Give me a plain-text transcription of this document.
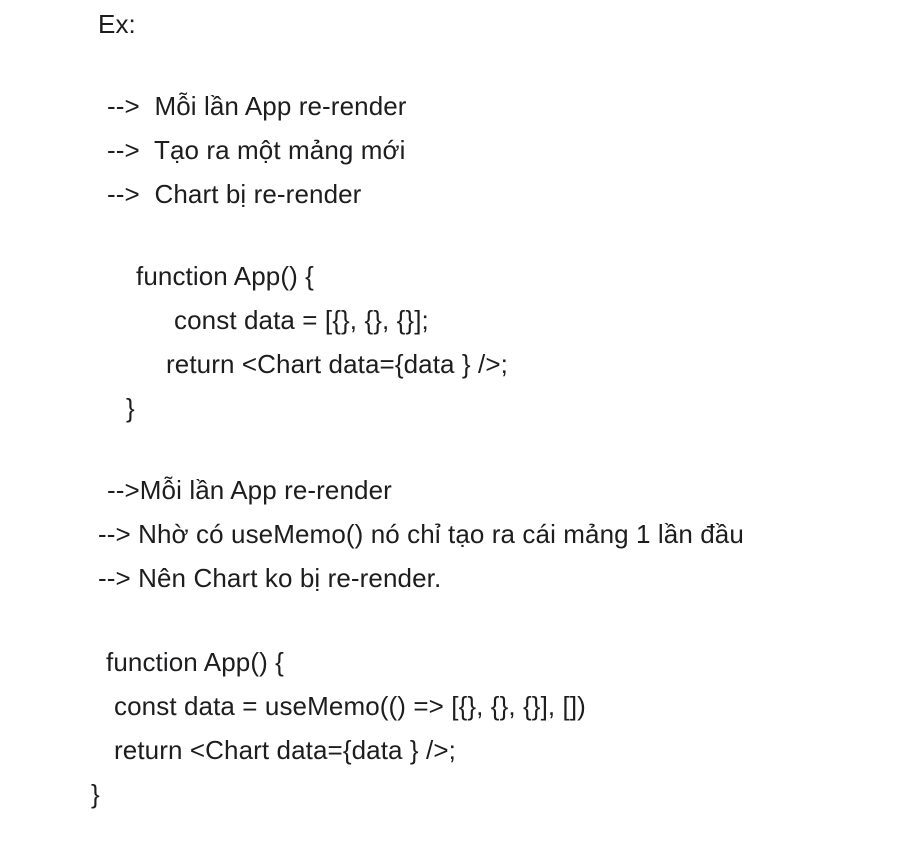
Ex:
-->  Mỗi lần App re-render
-->  Tạo ra một mảng mới
-->  Chart bị re-render
function App() {
const data = [{}, {}, {}];
return <Chart data={data } />;
}
-->Mỗi lần App re-render
--> Nhờ có useMemo() nó chỉ tạo ra cái mảng 1 lần đầu
--> Nên Chart ko bị re-render.
function App() {
const data = useMemo(() => [{}, {}, {}], [])
return <Chart data={data } />;
}
